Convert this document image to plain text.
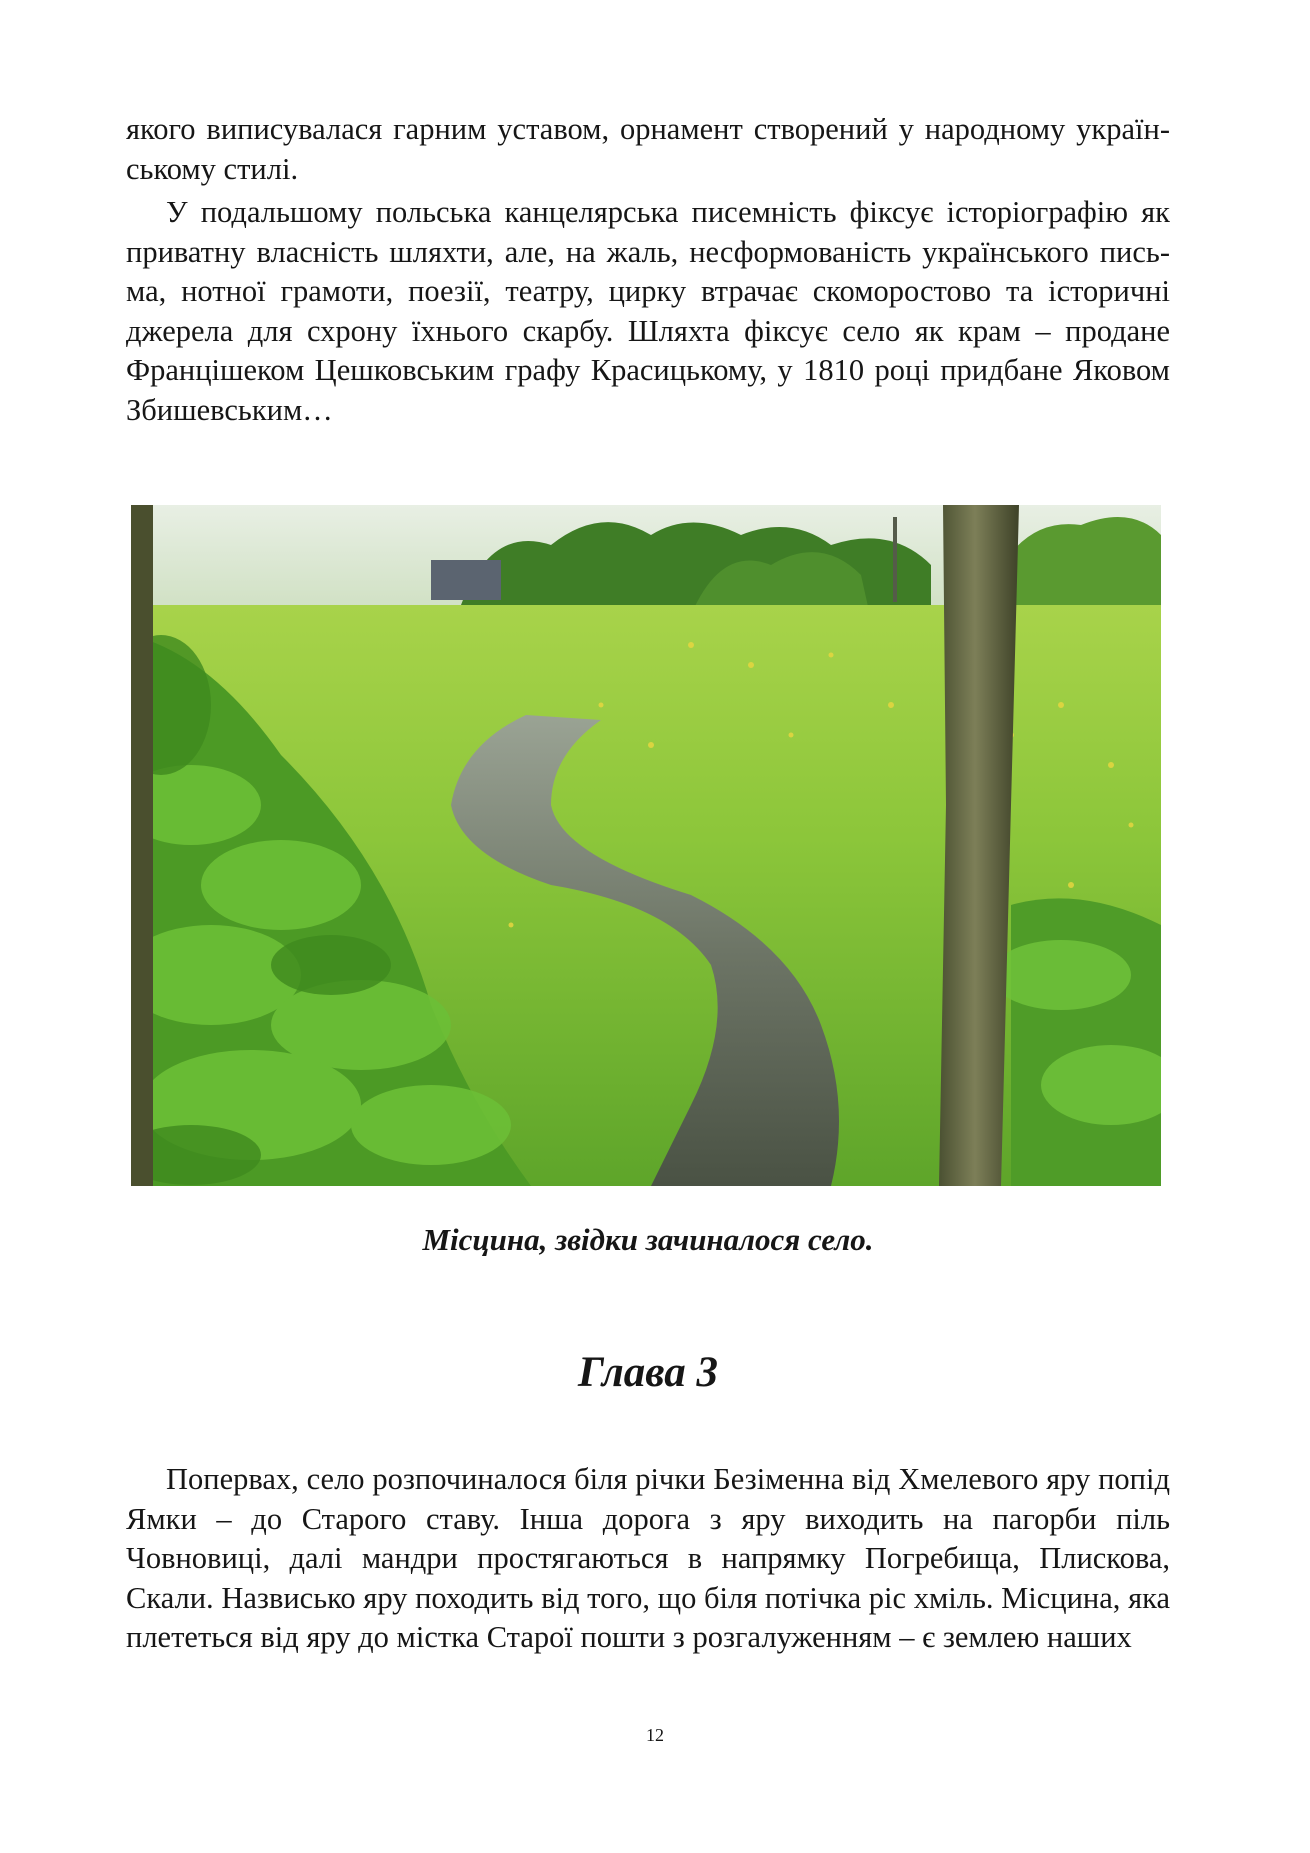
якого виписувалася гарним уставом, орнамент створений у народному українському стилі.

У подальшому польська канцелярська писемність фіксує історіографію як приватну власність шляхти, але, на жаль, несформованість українського письма, нотної грамоти, поезії, театру, цирку втрачає скоморостово та історичні джерела для схрону їхнього скарбу. Шляхта фіксує село як крам – продане Францішеком Цешковським графу Красицькому, у 1810 році придбане Яковом Збишевським…

Місцина, звідки зачиналося село.

Глава 3

Поперваx, село розпочиналося біля річки Безіменна від Хмелевого яру попід Ямки – до Старого ставу. Інша дорога з яру виходить на пагорби піль Човновиці, далі мандри простягаються в напрямку Погребища, Плискова, Скали. Назвисько яру походить від того, що біля потічка ріс хміль. Місцина, яка плететься від яру до містка Старої пошти з розгалуженням – є землею наших

12
